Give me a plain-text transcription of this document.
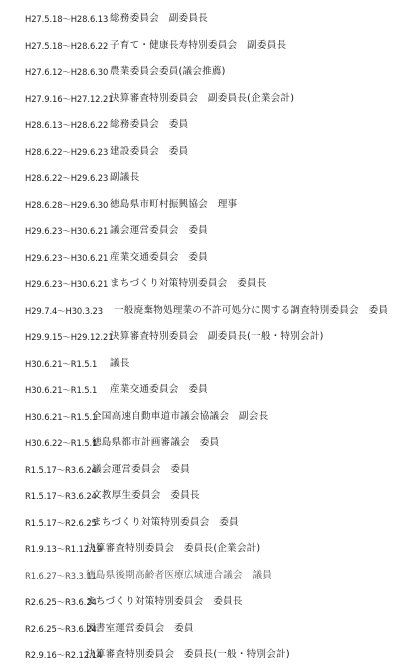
H27.5.18～H28.6.13 総務委員会　副委員長
H27.5.18～H28.6.22 子育て・健康長寿特別委員会　副委員長
H27.6.12～H28.6.30 農業委員会委員(議会推薦)
H27.9.16～H27.12.21
決算審査特別委員会　副委員長(企業会計)
H28.6.13～H28.6.22 総務委員会　委員
H28.6.22～H29.6.23 建設委員会　委員
H28.6.22～H29.6.23 副議長
H28.6.28～H29.6.30 徳島県市町村振興協会　理事
H29.6.23～H30.6.21 議会運営委員会　委員
H29.6.23～H30.6.21 産業交通委員会　委員
H29.6.23～H30.6.21 まちづくり対策特別委員会　委員長
H29.7.4～H30.3.23 一般廃棄物処理業の不許可処分に関する調査特別委員会　委員
H29.9.15～H29.12.21
決算審査特別委員会　副委員長(一般・特別会計)
H30.6.21～R1.5.1 議長
H30.6.21～R1.5.1 産業交通委員会　委員
H30.6.21～R1.5.1
全国高速自動車道市議会協議会　副会長
H30.6.22～R1.5.1
徳島県都市計画審議会　委員
R1.5.17～R3.6.24
議会運営委員会　委員
R1.5.17～R3.6.24
文教厚生委員会　委員長
R1.5.17～R2.6.25
まちづくり対策特別委員会　委員
R1.9.13～R1.12.19
決算審査特別委員会　委員長(企業会計)
R1.6.27～R3.3.11
徳島県後期高齢者医療広域連合議会　議員
R2.6.25～R3.6.24
まちづくり対策特別委員会　委員長
R2.6.25～R3.6.24
図書室運営委員会　委員
R2.9.16～R2.12.14
決算審査特別委員会　委員長(一般・特別会計)
